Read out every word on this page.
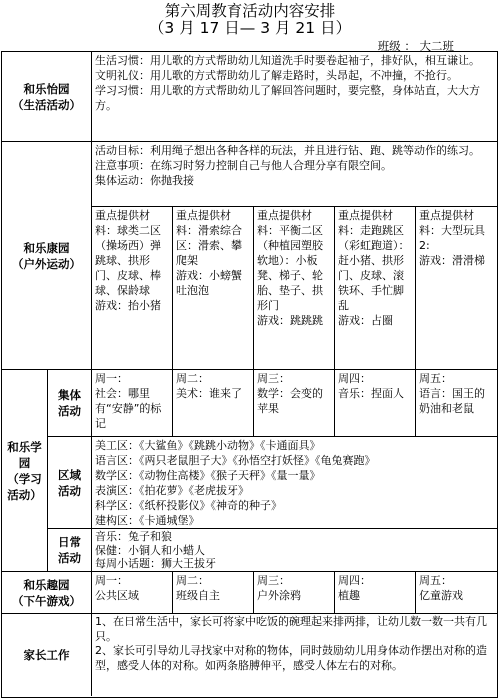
第六周教育活动内容安排
（3 月 17 日— 3 月 21 日）
班级 ： 大二班
和乐怡园
（生活活动）
生活习惯：用儿歌的方式帮助幼儿知道洗手时要卷起袖子，排好队，相互谦让。
文明礼仪：用儿歌的方式帮助幼儿了解走路时，头昂起，不冲撞，不抢行。
学习习惯：用儿歌的方式帮助幼儿了解回答问题时，要完整，身体站直，大大方方。
和乐康园
（户外运动）
活动目标：利用绳子想出各种各样的玩法，并且进行钻、跑、跳等动作的练习。
注意事项：在练习时努力控制自己与他人合理分享有限空间。
集体运动：你抛我接
重点提供材料：球类二区（操场西）弹跳球、拱形门、皮球、棒球、保龄球
游戏：抬小猪
重点提供材料：滑索综合区：滑索、攀爬架
游戏：小螃蟹吐泡泡
重点提供材料：平衡二区（种植园塑胶软地）：小板凳、梯子、轮胎、垫子、拱形门
游戏：跳跳跳
重点提供材料：走跑跳区（彩虹跑道）：赶小猪、拱形门、皮球、滚铁环、手忙脚乱
游戏：占圈
重点提供材料：大型玩具 2:
游戏：滑滑梯
和乐学园
（学习活动）
集体活动
周一：
社会：哪里有“安静”的标记
周二：
美术：谁来了
周三：
数学：会变的苹果
周四：
音乐：捏面人
周五：
语言：国王的奶油和老鼠
区域活动
美工区：《大鲨鱼》《跳跳小动物》《卡通面具》
语言区：《两只老鼠胆子大》《孙悟空打妖怪》《龟兔赛跑》
数学区：《动物住高楼》《猴子天秤》《量一量》
表演区：《拍花萝》《老虎拔牙》
科学区：《纸杯投影仪》《神奇的种子》
建构区：《卡通城堡》
日常活动
音乐：兔子和狼
保健：小铜人和小蜡人
每周小话题：狮大王拔牙
和乐趣园
（下午游戏）
周一：
公共区域
周二：
班级自主
周三：
户外涂鸦
周四：
植趣
周五：
亿童游戏
家长工作
1、在日常生活中，家长可将家中吃饭的碗理起来排两排，让幼儿数一数一共有几只。
2、家长可引导幼儿寻找家中对称的物体，同时鼓励幼儿用身体动作摆出对称的造型，感受人体的对称。如两条胳膊伸平，感受人体左右的对称。
